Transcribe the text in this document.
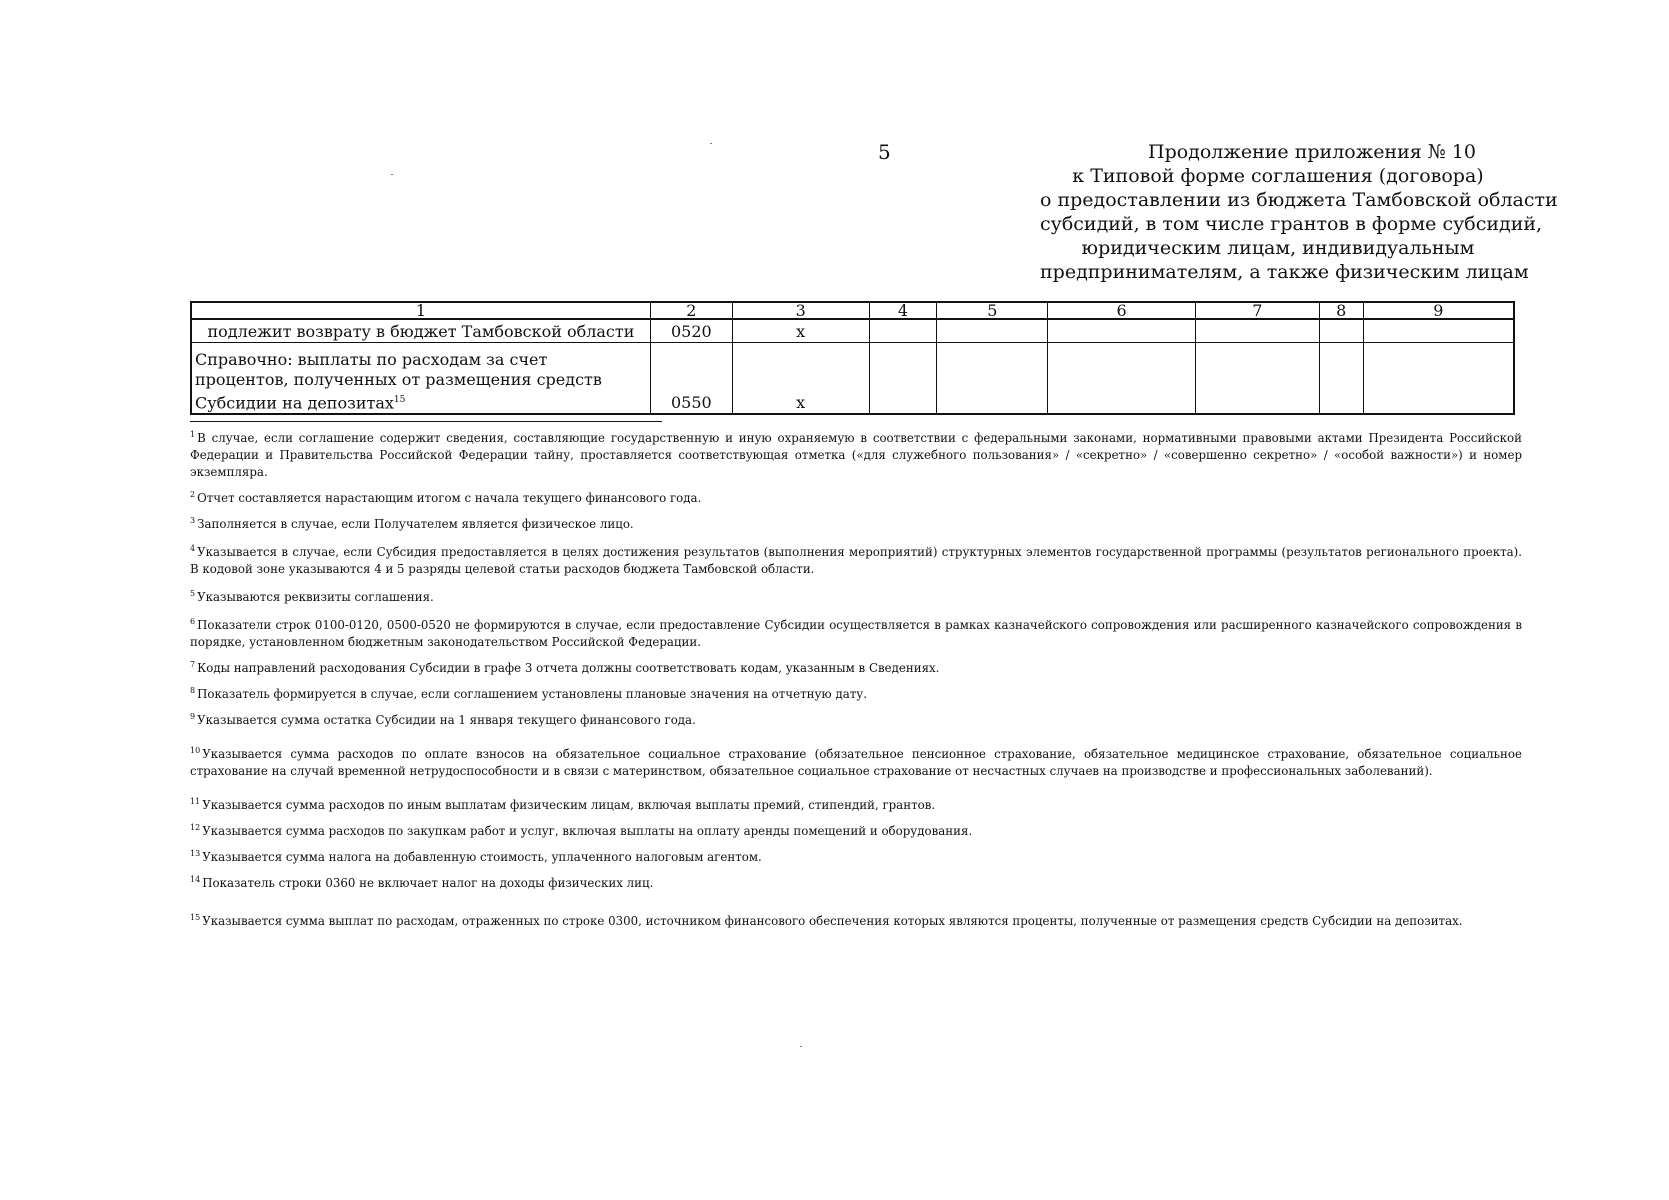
5	Продолжение приложения № 10
к Типовой форме соглашения (договора)
о предоставлении из бюджета Тамбовской области
субсидий, в том числе грантов в форме субсидий,
юридическим лицам, индивидуальным
предпринимателям, а также физическим лицам
1	2	3	4	5	6	7	8	9
подлежит возврату в бюджет Тамбовской области	0520	x						
Справочно: выплаты по расходам за счет процентов, полученных от размещения средств Субсидии на депозитах$^{15}$	0550	x						

$^1$ В случае, если соглашение содержит сведения, составляющие государственную и иную охраняемую в соответствии с федеральными законами, нормативными правовыми актами Президента Российской Федерации и Правительства Российской Федерации тайну, проставляется соответствующая отметка («для служебного пользования» / «секретно» / «совершенно секретно» / «особой важности») и номер экземпляра.

$^2$ Отчет составляется нарастающим итогом с начала текущего финансового года.

$^3$ Заполняется в случае, если Получателем является физическое лицо.

$^4$ Указывается в случае, если Субсидия предоставляется в целях достижения результатов (выполнения мероприятий) структурных элементов государственной программы (результатов регионального проекта). В кодовой зоне указываются 4 и 5 разряды целевой статьи расходов бюджета Тамбовской области.

$^5$ Указываются реквизиты соглашения.

$^6$ Показатели строк 0100-0120, 0500-0520 не формируются в случае, если предоставление Субсидии осуществляется в рамках казначейского сопровождения или расширенного казначейского сопровождения в порядке, установленном бюджетным законодательством Российской Федерации.

$^7$ Коды направлений расходования Субсидии в графе 3 отчета должны соответствовать кодам, указанным в Сведениях.

$^8$ Показатель формируется в случае, если соглашением установлены плановые значения на отчетную дату.

$^9$ Указывается сумма остатка Субсидии на 1 января текущего финансового года.

$^{10}$ Указывается сумма расходов по оплате взносов на обязательное социальное страхование (обязательное пенсионное страхование, обязательное медицинское страхование, обязательное социальное страхование на случай временной нетрудоспособности и в связи с материнством, обязательное социальное страхование от несчастных случаев на производстве и профессиональных заболеваний).

$^{11}$ Указывается сумма расходов по иным выплатам физическим лицам, включая выплаты премий, стипендий, грантов.

$^{12}$ Указывается сумма расходов по закупкам работ и услуг, включая выплаты на оплату аренды помещений и оборудования.

$^{13}$ Указывается сумма налога на добавленную стоимость, уплаченного налоговым агентом.

$^{14}$ Показатель строки 0360 не включает налог на доходы физических лиц.

$^{15}$ Указывается сумма выплат по расходам, отраженных по строке 0300, источником финансового обеспечения которых являются проценты, полученные от размещения средств Субсидии на депозитах.
